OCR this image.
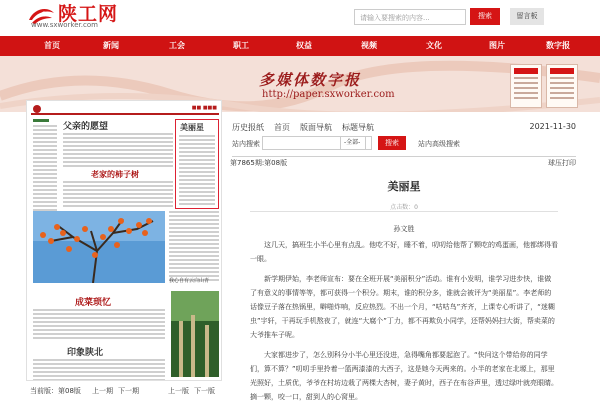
陕工网
www.sxworker.com
请输入要搜索的内容...	搜索	留言板
首页	新闻	工会	职工	权益	视频	文化	图片	数字报
多媒体数字报
http://paper.sxworker.com
■■ ■■■
父亲的愿望
老家的柿子树
美丽星
我心自有云白山青
成菜琐忆
印象陕北
当前版：第08版 上一期 下一期	上一版 下一版
历史报纸 首页 版面导航 标题导航	2021-11-30
站内搜索	-全部-	搜索	站内高级搜索
第7865期:第08版	球压打印
美丽星
点击数：0
孙文胜

这几天，搞班生小半心里有点乱。他吃不好，睡不着，叨叨给他帮了颗吃的鸡蛋画，他都绑得看一眼。

新学期伊始，李老师宣布：要在全班开展“美丽积分”活动。谁有小发明，谁学习进步快，谁做了有意义的事情等等，都可获得一个积分。期末，谁的积分多，谁就会被评为“美丽星”。李老师的话像豆子落在热锅里，噼啪炸响，反应热烈。不出一个月，“咕咕鸟”齐齐，上课专心听讲了，“迷糊虫”宇轩，干再玩手机熬夜了，就连“大腐个”丁力，都不再欺负小同学，还帮妈妈扫大街，帮卖菜的大爷推车子呢。

大家都进步了，怎么别科分小半心里还没进，急得嘴角都要起泡了。“快问这个带给你的同学们，算不算？”叨叨手里拎着一篮两漆漆的大西子，这是她今天两来的。小半的老家在北塬上，那里光照好，土质优，爷爷在村坊边栽了两棵大杏树，妻子黄时，西子在布谷声里，透过绿叶就亮眼睛。摘一颗，咬一口，甜到人的心窝里。
